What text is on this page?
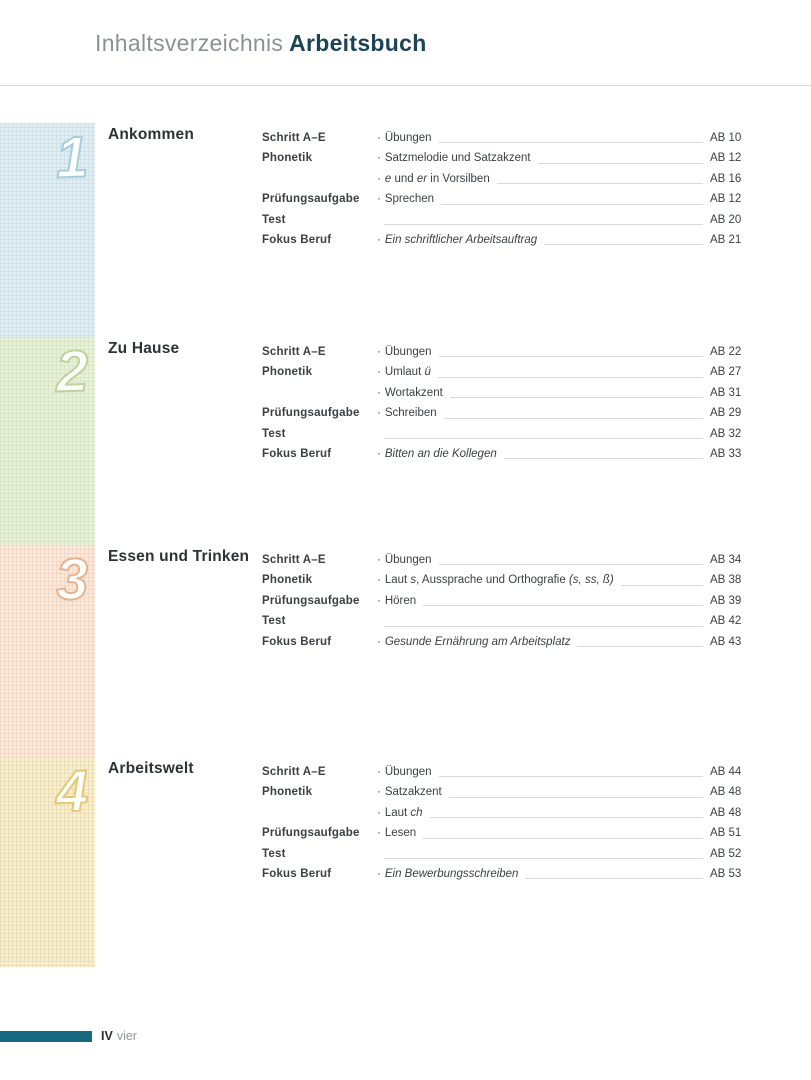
Inhaltsverzeichnis Arbeitsbuch
1 Ankommen	Schritt A–E	· Übungen	AB 10
Phonetik	· Satzmelodie und Satzakzent	AB 12
· e und er in Vorsilben	AB 16
Prüfungsaufgabe	· Sprechen	AB 12
Test	AB 20
Fokus Beruf	· Ein schriftlicher Arbeitsauftrag	AB 21
2 Zu Hause	Schritt A–E	· Übungen	AB 22
Phonetik	· Umlaut ü	AB 27
· Wortakzent	AB 31
Prüfungsaufgabe	· Schreiben	AB 29
Test	AB 32
Fokus Beruf	· Bitten an die Kollegen	AB 33
3 Essen und Trinken Schritt A–E	· Übungen	AB 34
Phonetik	· Laut s, Aussprache und Orthografie (s, ss, ß)	AB 38
Prüfungsaufgabe	· Hören	AB 39
Test	AB 42
Fokus Beruf	· Gesunde Ernährung am Arbeitsplatz	AB 43
4 Arbeitswelt	Schritt A–E	· Übungen	AB 44
Phonetik	· Satzakzent	AB 48
· Laut ch	AB 48
Prüfungsaufgabe	· Lesen	AB 51
Test	AB 52
Fokus Beruf	· Ein Bewerbungsschreiben	AB 53
IV vier
